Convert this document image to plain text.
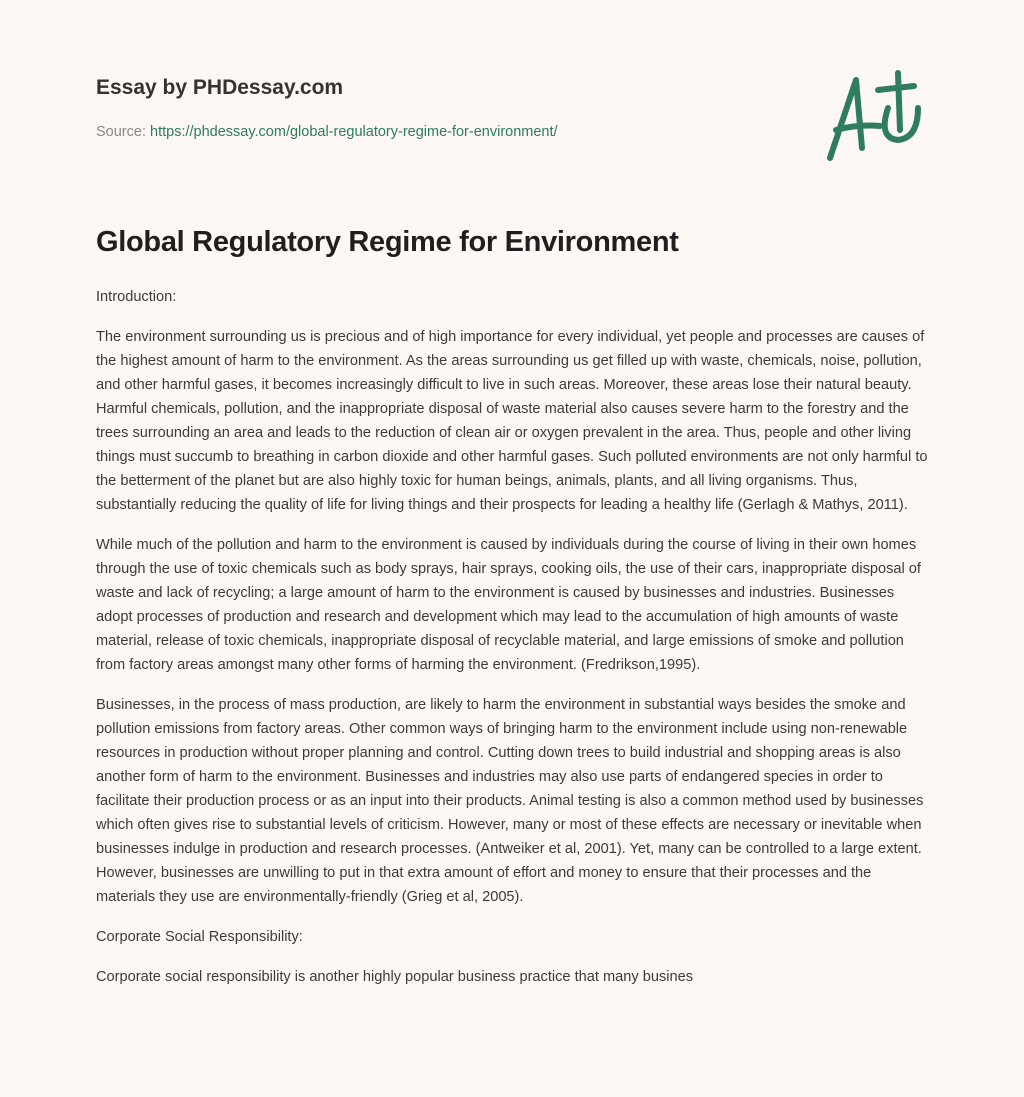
Essay by PHDessay.com
Source: https://phdessay.com/global-regulatory-regime-for-environment/
Global Regulatory Regime for Environment

Introduction:

The environment surrounding us is precious and of high importance for every individual, yet people and processes are causes of the highest amount of harm to the environment. As the areas surrounding us get filled up with waste, chemicals, noise, pollution, and other harmful gases, it becomes increasingly difficult to live in such areas. Moreover, these areas lose their natural beauty. Harmful chemicals, pollution, and the inappropriate disposal of waste material also causes severe harm to the forestry and the trees surrounding an area and leads to the reduction of clean air or oxygen prevalent in the area. Thus, people and other living things must succumb to breathing in carbon dioxide and other harmful gases. Such polluted environments are not only harmful to the betterment of the planet but are also highly toxic for human beings, animals, plants, and all living organisms. Thus, substantially reducing the quality of life for living things and their prospects for leading a healthy life (Gerlagh & Mathys, 2011).

While much of the pollution and harm to the environment is caused by individuals during the course of living in their own homes through the use of toxic chemicals such as body sprays, hair sprays, cooking oils, the use of their cars, inappropriate disposal of waste and lack of recycling; a large amount of harm to the environment is caused by businesses and industries. Businesses adopt processes of production and research and development which may lead to the accumulation of high amounts of waste material, release of toxic chemicals, inappropriate disposal of recyclable material, and large emissions of smoke and pollution from factory areas amongst many other forms of harming the environment. (Fredrikson,1995).

Businesses, in the process of mass production, are likely to harm the environment in substantial ways besides the smoke and pollution emissions from factory areas. Other common ways of bringing harm to the environment include using non-renewable resources in production without proper planning and control. Cutting down trees to build industrial and shopping areas is also another form of harm to the environment. Businesses and industries may also use parts of endangered species in order to facilitate their production process or as an input into their products. Animal testing is also a common method used by businesses which often gives rise to substantial levels of criticism. However, many or most of these effects are necessary or inevitable when businesses indulge in production and research processes. (Antweiker et al, 2001). Yet, many can be controlled to a large extent. However, businesses are unwilling to put in that extra amount of effort and money to ensure that their processes and the materials they use are environmentally-friendly (Grieg et al, 2005).

Corporate Social Responsibility:

Corporate social responsibility is another highly popular business practice that many busines
